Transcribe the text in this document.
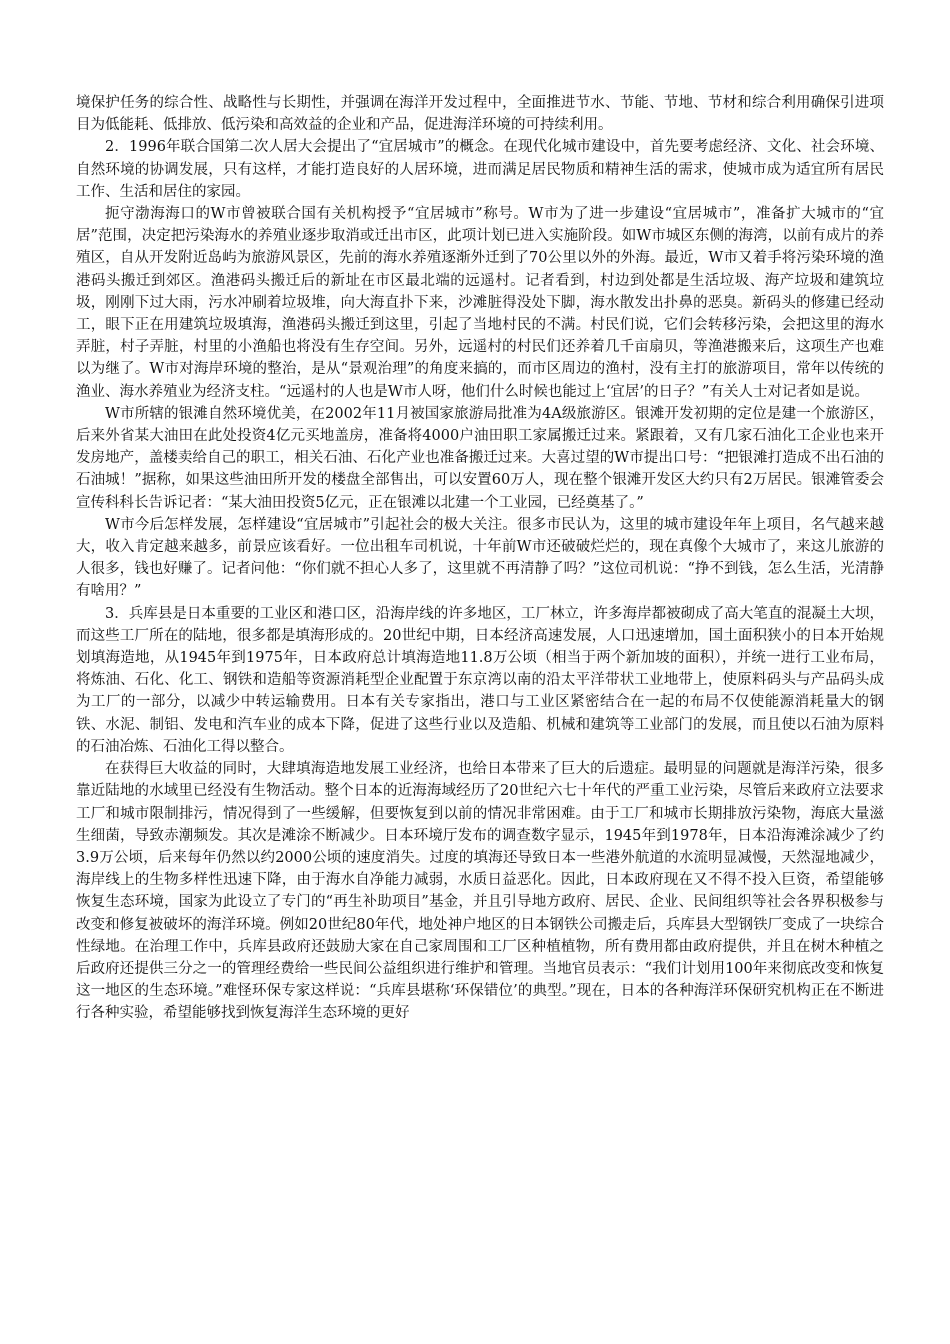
境保护任务的综合性、战略性与长期性，并强调在海洋开发过程中，全面推进节水、节能、节地、节材和综合利用确保引进项目为低能耗、低排放、低污染和高效益的企业和产品，促进海洋环境的可持续利用。

2．1996年联合国第二次人居大会提出了“宜居城市”的概念。在现代化城市建设中，首先要考虑经济、文化、社会环境、自然环境的协调发展，只有这样，才能打造良好的人居环境，进而满足居民物质和精神生活的需求，使城市成为适宜所有居民工作、生活和居住的家园。

扼守渤海海口的W市曾被联合国有关机构授予“宜居城市”称号。W市为了进一步建设“宜居城市”，准备扩大城市的“宜居”范围，决定把污染海水的养殖业逐步取消或迁出市区，此项计划已进入实施阶段。如W市城区东侧的海湾，以前有成片的养殖区，自从开发附近岛屿为旅游风景区，先前的海水养殖逐渐外迁到了70公里以外的外海。最近，W市又着手将污染环境的渔港码头搬迁到郊区。渔港码头搬迁后的新址在市区最北端的远遥村。记者看到，村边到处都是生活垃圾、海产垃圾和建筑垃圾，刚刚下过大雨，污水冲刷着垃圾堆，向大海直扑下来，沙滩脏得没处下脚，海水散发出扑鼻的恶臭。新码头的修建已经动工，眼下正在用建筑垃圾填海，渔港码头搬迁到这里，引起了当地村民的不满。村民们说，它们会转移污染，会把这里的海水弄脏，村子弄脏，村里的小渔船也将没有生存空间。另外，远遥村的村民们还养着几千亩扇贝，等渔港搬来后，这项生产也难以为继了。W市对海岸环境的整治，是从“景观治理”的角度来搞的，而市区周边的渔村，没有主打的旅游项目，常年以传统的渔业、海水养殖业为经济支柱。“远遥村的人也是W市人呀，他们什么时候也能过上‘宜居’的日子？”有关人士对记者如是说。

W市所辖的银滩自然环境优美，在2002年11月被国家旅游局批准为4A级旅游区。银滩开发初期的定位是建一个旅游区，后来外省某大油田在此处投资4亿元买地盖房，准备将4000户油田职工家属搬迁过来。紧跟着，又有几家石油化工企业也来开发房地产，盖楼卖给自己的职工，相关石油、石化产业也准备搬迁过来。大喜过望的W市提出口号：“把银滩打造成不出石油的石油城！”据称，如果这些油田所开发的楼盘全部售出，可以安置60万人，现在整个银滩开发区大约只有2万居民。银滩管委会宣传科科长告诉记者：“某大油田投资5亿元，正在银滩以北建一个工业园，已经奠基了。”

W市今后怎样发展，怎样建设“宜居城市”引起社会的极大关注。很多市民认为，这里的城市建设年年上项目，名气越来越大，收入肯定越来越多，前景应该看好。一位出租车司机说，十年前W市还破破烂烂的，现在真像个大城市了，来这儿旅游的人很多，钱也好赚了。记者问他：“你们就不担心人多了，这里就不再清静了吗？”这位司机说：“挣不到钱，怎么生活，光清静有啥用？”

3．兵库县是日本重要的工业区和港口区，沿海岸线的许多地区，工厂林立，许多海岸都被砌成了高大笔直的混凝土大坝，而这些工厂所在的陆地，很多都是填海形成的。20世纪中期，日本经济高速发展，人口迅速增加，国土面积狭小的日本开始规划填海造地，从1945年到1975年，日本政府总计填海造地11.8万公顷（相当于两个新加坡的面积），并统一进行工业布局，将炼油、石化、化工、钢铁和造船等资源消耗型企业配置于东京湾以南的沿太平洋带状工业地带上，使原料码头与产品码头成为工厂的一部分，以减少中转运输费用。日本有关专家指出，港口与工业区紧密结合在一起的布局不仅使能源消耗量大的钢铁、水泥、制铝、发电和汽车业的成本下降，促进了这些行业以及造船、机械和建筑等工业部门的发展，而且使以石油为原料的石油冶炼、石油化工得以整合。

在获得巨大收益的同时，大肆填海造地发展工业经济，也给日本带来了巨大的后遗症。最明显的问题就是海洋污染，很多靠近陆地的水域里已经没有生物活动。整个日本的近海海域经历了20世纪六七十年代的严重工业污染，尽管后来政府立法要求工厂和城市限制排污，情况得到了一些缓解，但要恢复到以前的情况非常困难。由于工厂和城市长期排放污染物，海底大量滋生细菌，导致赤潮频发。其次是滩涂不断减少。日本环境厅发布的调查数字显示，1945年到1978年，日本沿海滩涂减少了约3.9万公顷，后来每年仍然以约2000公顷的速度消失。过度的填海还导致日本一些港外航道的水流明显减慢，天然湿地减少，海岸线上的生物多样性迅速下降，由于海水自净能力减弱，水质日益恶化。因此，日本政府现在又不得不投入巨资，希望能够恢复生态环境，国家为此设立了专门的“再生补助项目”基金，并且引导地方政府、居民、企业、民间组织等社会各界积极参与改变和修复被破坏的海洋环境。例如20世纪80年代，地处神户地区的日本钢铁公司搬走后，兵库县大型钢铁厂变成了一块综合性绿地。在治理工作中，兵库县政府还鼓励大家在自己家周围和工厂区种植植物，所有费用都由政府提供，并且在树木种植之后政府还提供三分之一的管理经费给一些民间公益组织进行维护和管理。当地官员表示：“我们计划用100年来彻底改变和恢复这一地区的生态环境。”难怪环保专家这样说：“兵库县堪称‘环保错位’的典型。”现在，日本的各种海洋环保研究机构正在不断进行各种实验，希望能够找到恢复海洋生态环境的更好
